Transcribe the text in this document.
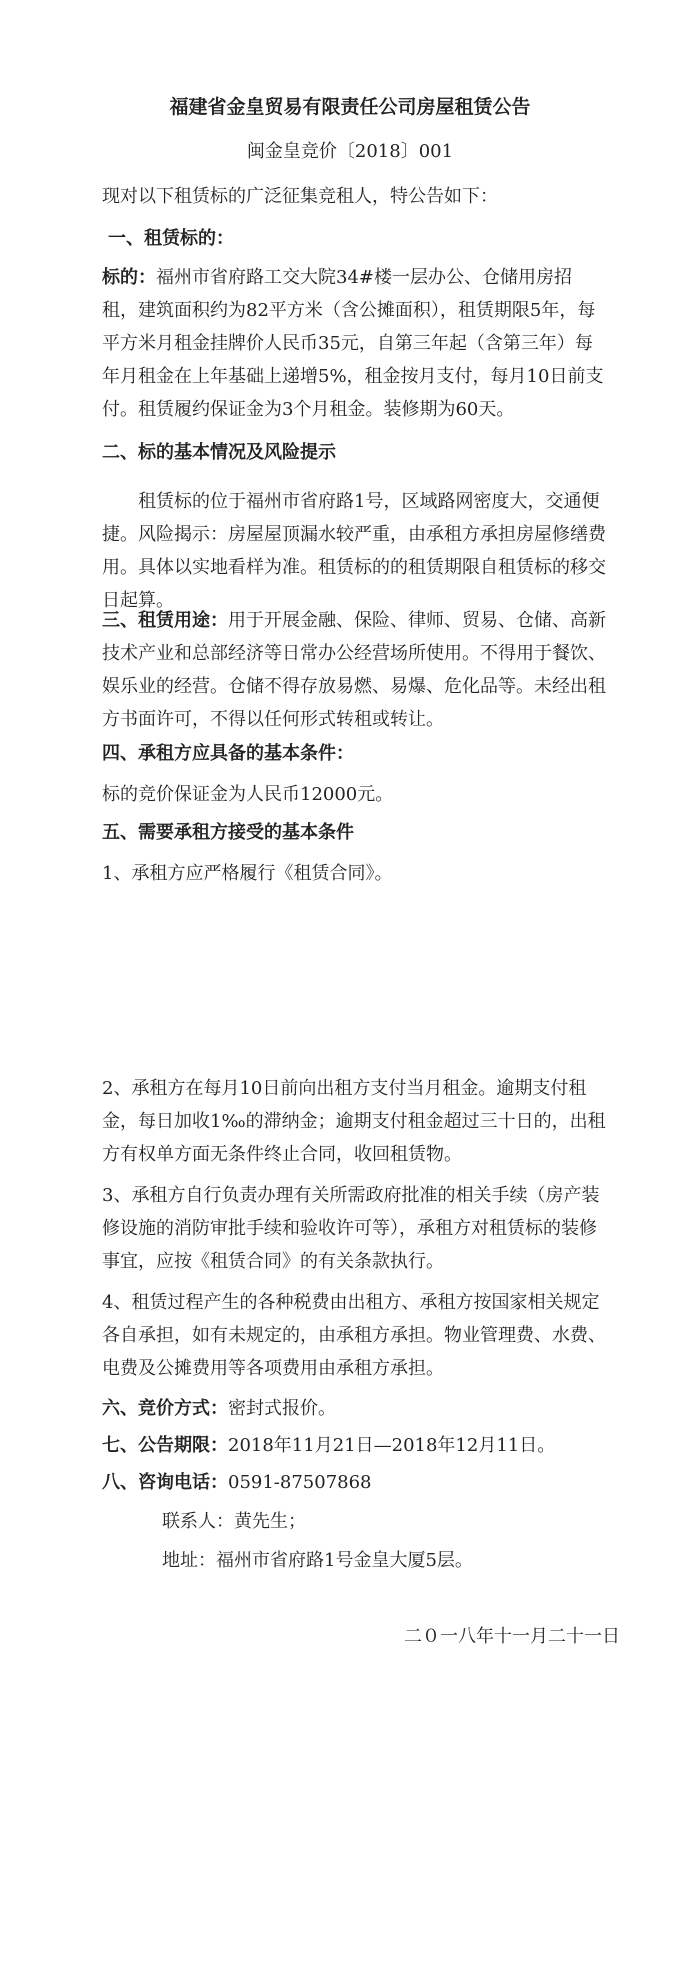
福建省金皇贸易有限责任公司房屋租赁公告
闽金皇竞价〔2018〕001

现对以下租赁标的广泛征集竞租人，特公告如下：

一、租赁标的：

标的：福州市省府路工交大院34#楼一层办公、仓储用房招租，建筑面积约为82平方米（含公摊面积），租赁期限5年，每平方米月租金挂牌价人民币35元，自第三年起（含第三年）每年月租金在上年基础上递增5%，租金按月支付，每月10日前支付。租赁履约保证金为3个月租金。装修期为60天。

二、标的基本情况及风险提示

租赁标的位于福州市省府路1号，区域路网密度大，交通便捷。风险揭示：房屋屋顶漏水较严重，由承租方承担房屋修缮费用。具体以实地看样为准。租赁标的的租赁期限自租赁标的移交日起算。

三、租赁用途：用于开展金融、保险、律师、贸易、仓储、高新技术产业和总部经济等日常办公经营场所使用。不得用于餐饮、娱乐业的经营。仓储不得存放易燃、易爆、危化品等。未经出租方书面许可，不得以任何形式转租或转让。

四、承租方应具备的基本条件：

标的竞价保证金为人民币12000元。

五、需要承租方接受的基本条件

1、承租方应严格履行《租赁合同》。

2、承租方在每月10日前向出租方支付当月租金。逾期支付租金，每日加收1‰的滞纳金；逾期支付租金超过三十日的，出租方有权单方面无条件终止合同，收回租赁物。

3、承租方自行负责办理有关所需政府批准的相关手续（房产装修设施的消防审批手续和验收许可等），承租方对租赁标的装修事宜，应按《租赁合同》的有关条款执行。

4、租赁过程产生的各种税费由出租方、承租方按国家相关规定各自承担，如有未规定的，由承租方承担。物业管理费、水费、电费及公摊费用等各项费用由承租方承担。

六、竞价方式：密封式报价。

七、公告期限：2018年11月21日—2018年12月11日。

八、咨询电话：0591-87507868

联系人：黄先生；

地址：福州市省府路1号金皇大厦5层。

二０一八年十一月二十一日
